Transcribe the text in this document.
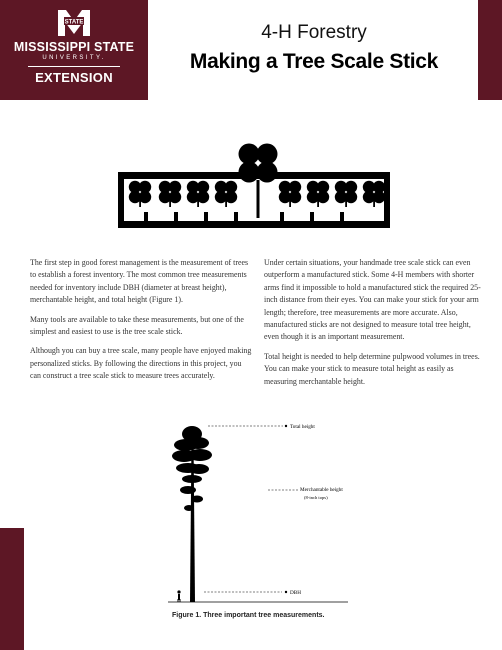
STATE
MISSISSIPPI STATE
UNIVERSITY.
EXTENSION
4-H Forestry
Making a Tree Scale Stick

The first step in good forest management is the measurement of trees to establish a forest inventory. The most common tree measurements needed for inventory include DBH (diameter at breast height), merchantable height, and total height (Figure 1).

Many tools are available to take these measurements, but one of the simplest and easiest to use is the tree scale stick.

Although you can buy a tree scale, many people have enjoyed making personalized sticks. By following the directions in this project, you can construct a tree scale stick to measure trees accurately.

Under certain situations, your handmade tree scale stick can even outperform a manufactured stick. Some 4-H members with shorter arms find it impossible to hold a manufactured stick the required 25-inch distance from their eyes. You can make your stick for your arm length; therefore, tree measurements are more accurate. Also, manufactured sticks are not designed to measure total tree height, even though it is an important measurement.

Total height is needed to help determine pulpwood volumes in trees. You can make your stick to measure total height as easily as measuring merchantable height.

Total height
Merchantable height
(8-inch tops)
DBH
Figure 1. Three important tree measurements.
